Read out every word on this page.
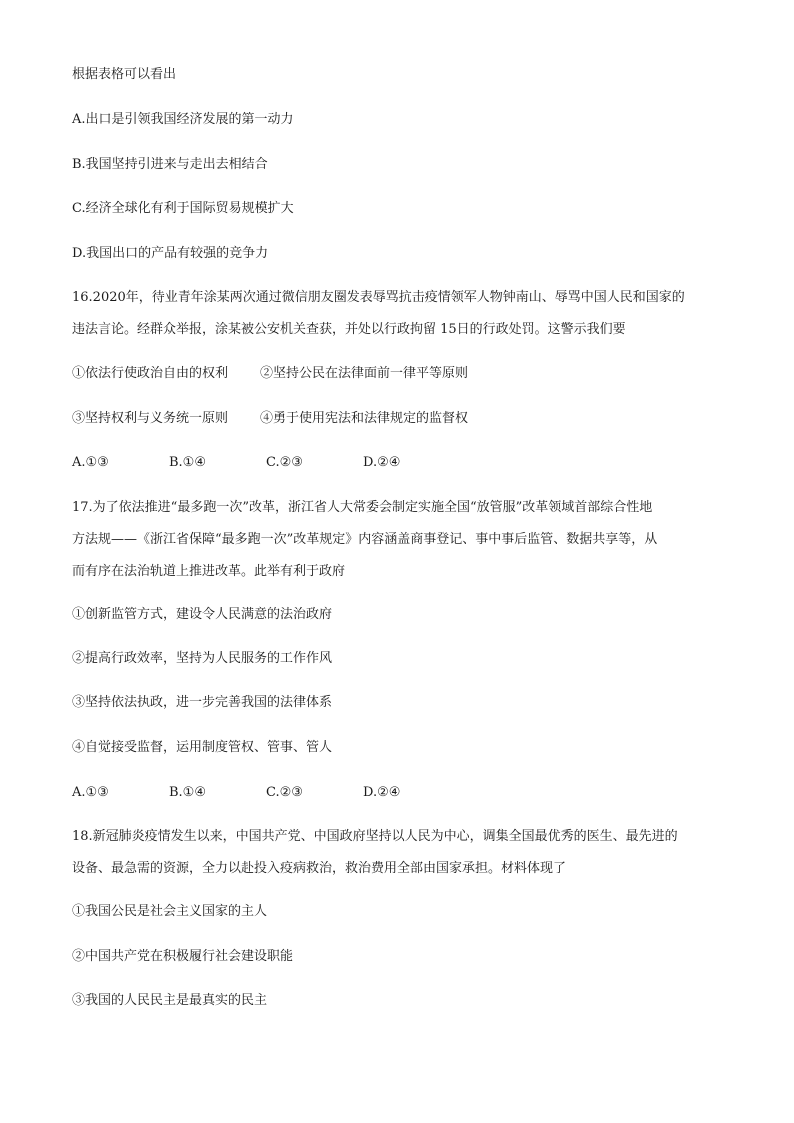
根据表格可以看出
A.出口是引领我国经济发展的第一动力
B.我国坚持引进来与走出去相结合
C.经济全球化有利于国际贸易规模扩大
D.我国出口的产品有较强的竞争力
16.2020年，待业青年涂某两次通过微信朋友圈发表辱骂抗击疫情领军人物钟南山、辱骂中国人民和国家的
违法言论。经群众举报，涂某被公安机关查获，并处以行政拘留 15日的行政处罚。这警示我们要
①依法行使政治自由的权利	②坚持公民在法律面前一律平等原则
③坚持权利与义务统一原则	④勇于使用宪法和法律规定的监督权
A.①③	B.①④	C.②③	D.②④
17.为了依法推进“最多跑一次”改革，浙江省人大常委会制定实施全国“放管服”改革领域首部综合性地
方法规——《浙江省保障“最多跑一次”改革规定》内容涵盖商事登记、事中事后监管、数据共享等，从
而有序在法治轨道上推进改革。此举有利于政府
①创新监管方式，建设令人民满意的法治政府
②提高行政效率，坚持为人民服务的工作作风
③坚持依法执政，进一步完善我国的法律体系
④自觉接受监督，运用制度管权、管事、管人
A.①③	B.①④	C.②③	D.②④
18.新冠肺炎疫情发生以来，中国共产党、中国政府坚持以人民为中心，调集全国最优秀的医生、最先进的
设备、最急需的资源，全力以赴投入疫病救治，救治费用全部由国家承担。材料体现了
①我国公民是社会主义国家的主人
②中国共产党在积极履行社会建设职能
③我国的人民民主是最真实的民主
